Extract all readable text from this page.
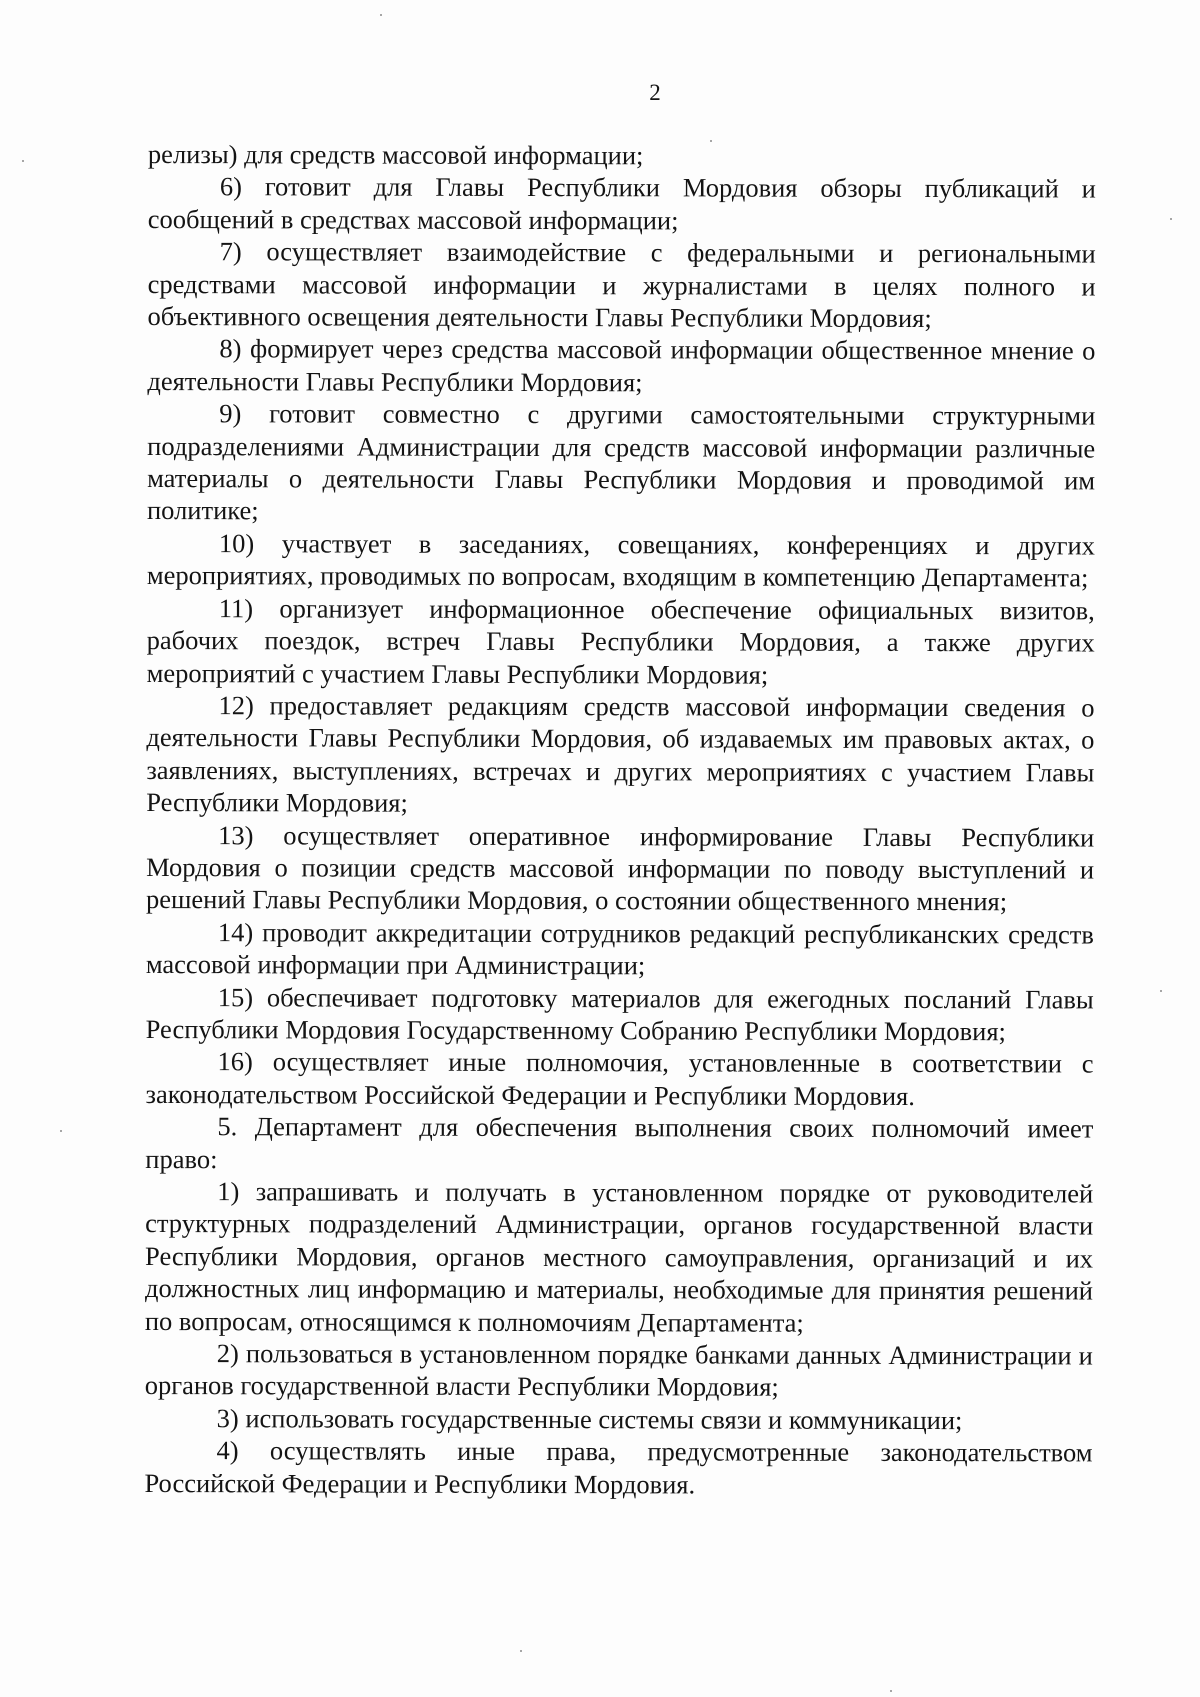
2

релизы) для средств массовой информации;

6) готовит для Главы Республики Мордовия обзоры публикаций и сообщений в средствах массовой информации;

7) осуществляет взаимодействие с федеральными и региональными средствами массовой информации и журналистами в целях полного и объективного освещения деятельности Главы Республики Мордовия;

8) формирует через средства массовой информации общественное мнение о деятельности Главы Республики Мордовия;

9) готовит совместно с другими самостоятельными структурными подразделениями Администрации для средств массовой информации различные материалы о деятельности Главы Республики Мордовия и проводимой им политике;

10) участвует в заседаниях, совещаниях, конференциях и других мероприятиях, проводимых по вопросам, входящим в компетенцию Департамента;

11) организует информационное обеспечение официальных визитов, рабочих поездок, встреч Главы Республики Мордовия, а также других мероприятий с участием Главы Республики Мордовия;

12) предоставляет редакциям средств массовой информации сведения о деятельности Главы Республики Мордовия, об издаваемых им правовых актах, о заявлениях, выступлениях, встречах и других мероприятиях с участием Главы Республики Мордовия;

13) осуществляет оперативное информирование Главы Республики Мордовия о позиции средств массовой информации по поводу выступлений и решений Главы Республики Мордовия, о состоянии общественного мнения;

14) проводит аккредитации сотрудников редакций республиканских средств массовой информации при Администрации;

15) обеспечивает подготовку материалов для ежегодных посланий Главы Республики Мордовия Государственному Собранию Республики Мордовия;

16) осуществляет иные полномочия, установленные в соответствии с законодательством Российской Федерации и Республики Мордовия.

5. Департамент для обеспечения выполнения своих полномочий имеет право:

1) запрашивать и получать в установленном порядке от руководителей структурных подразделений Администрации, органов государственной власти Республики Мордовия, органов местного самоуправления, организаций и их должностных лиц информацию и материалы, необходимые для принятия решений по вопросам, относящимся к полномочиям Департамента;

2) пользоваться в установленном порядке банками данных Администрации и органов государственной власти Республики Мордовия;

3) использовать государственные системы связи и коммуникации;

4) осуществлять иные права, предусмотренные законодательством Российской Федерации и Республики Мордовия.
